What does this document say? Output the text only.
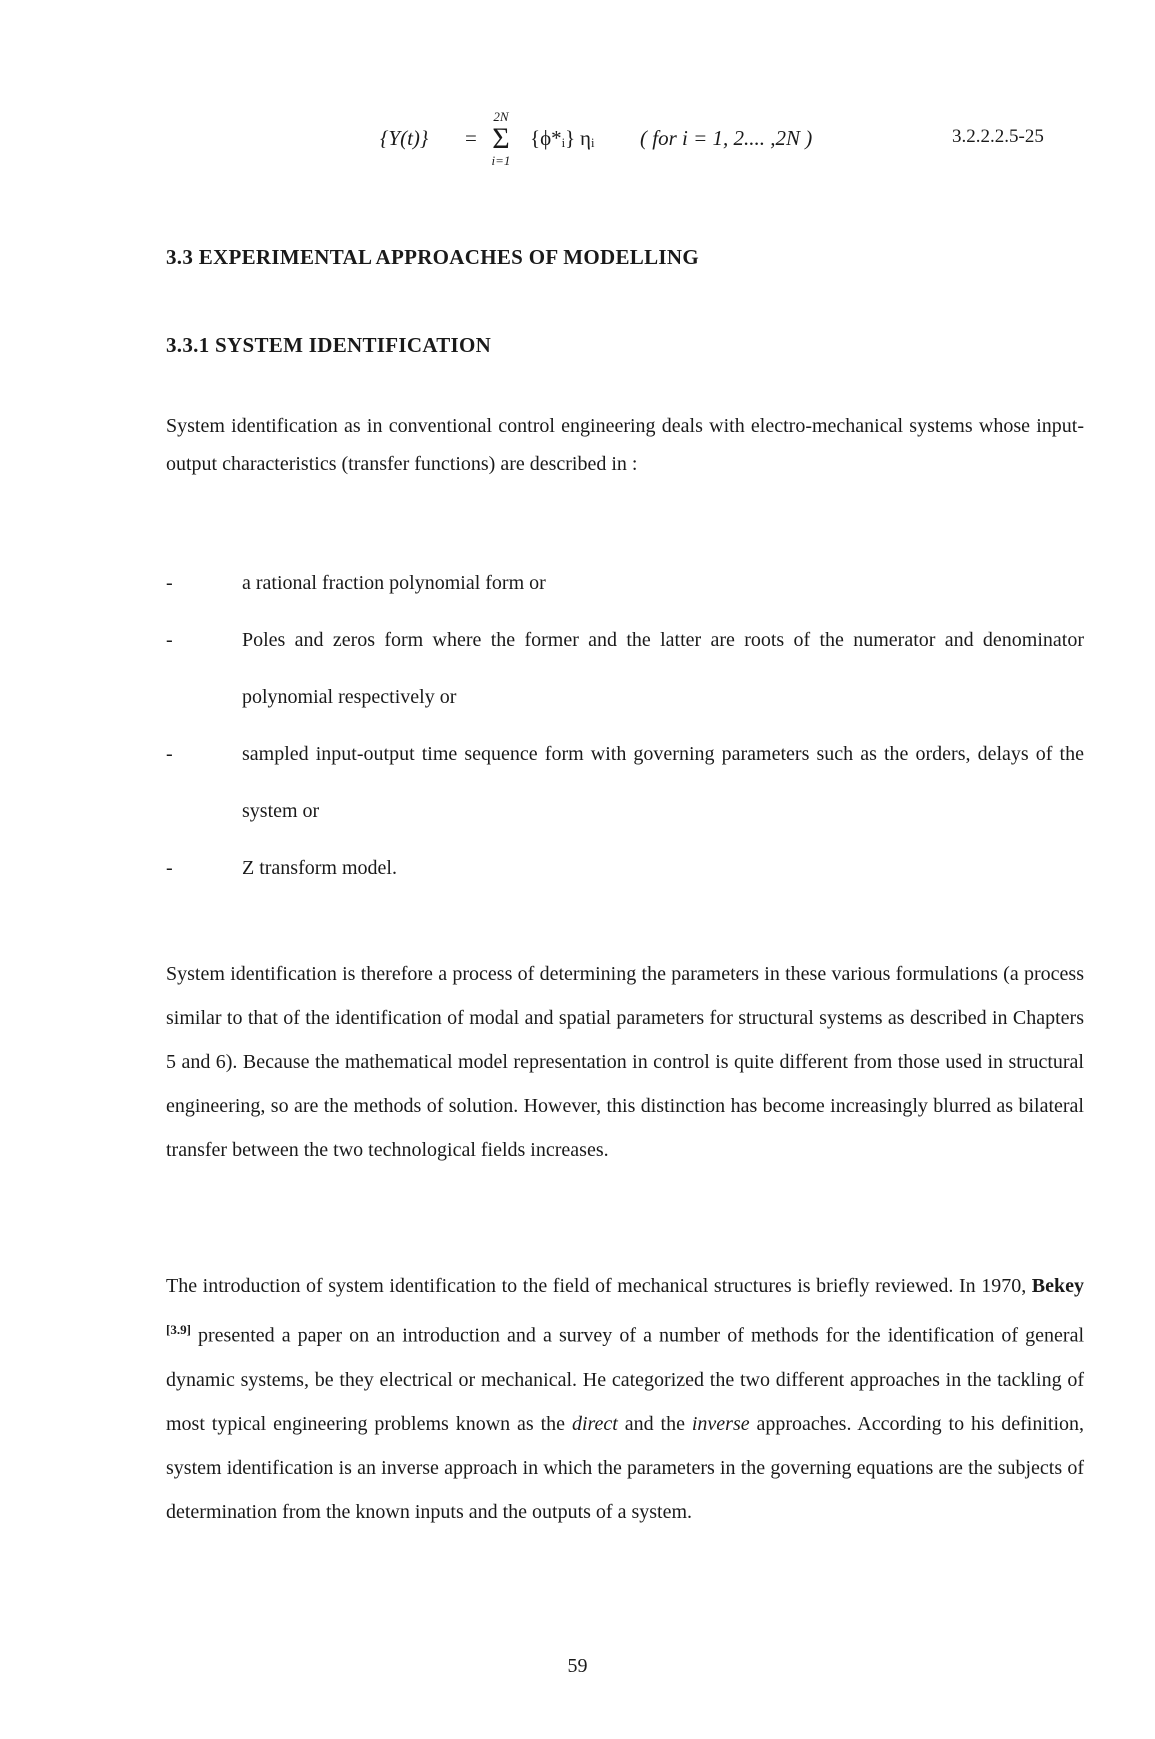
{Y(t)} =
2N
Σ
i=1
{ϕ*ᵢ} ηᵢ ( for i = 1, 2.... ,2N )	3.2.2.2.5-25
3.3 EXPERIMENTAL APPROACHES OF MODELLING
3.3.1 SYSTEM IDENTIFICATION

System identification as in conventional control engineering deals with electro-mechanical systems whose input-output characteristics (transfer functions) are described in :

-	a rational fraction polynomial form or
-	Poles and zeros form where the former and the latter are roots of the numerator and denominator polynomial respectively or
-	sampled input-output time sequence form with governing parameters such as the orders, delays of the system or
-	Z transform model.

System identification is therefore a process of determining the parameters in these various formulations (a process similar to that of the identification of modal and spatial parameters for structural systems as described in Chapters 5 and 6). Because the mathematical model representation in control is quite different from those used in structural engineering, so are the methods of solution. However, this distinction has become increasingly blurred as bilateral transfer between the two technological fields increases.

The introduction of system identification to the field of mechanical structures is briefly reviewed. In 1970, Bekey [3.9] presented a paper on an introduction and a survey of a number of methods for the identification of general dynamic systems, be they electrical or mechanical. He categorized the two different approaches in the tackling of most typical engineering problems known as the direct and the inverse approaches. According to his definition, system identification is an inverse approach in which the parameters in the governing equations are the subjects of determination from the known inputs and the outputs of a system.

59
